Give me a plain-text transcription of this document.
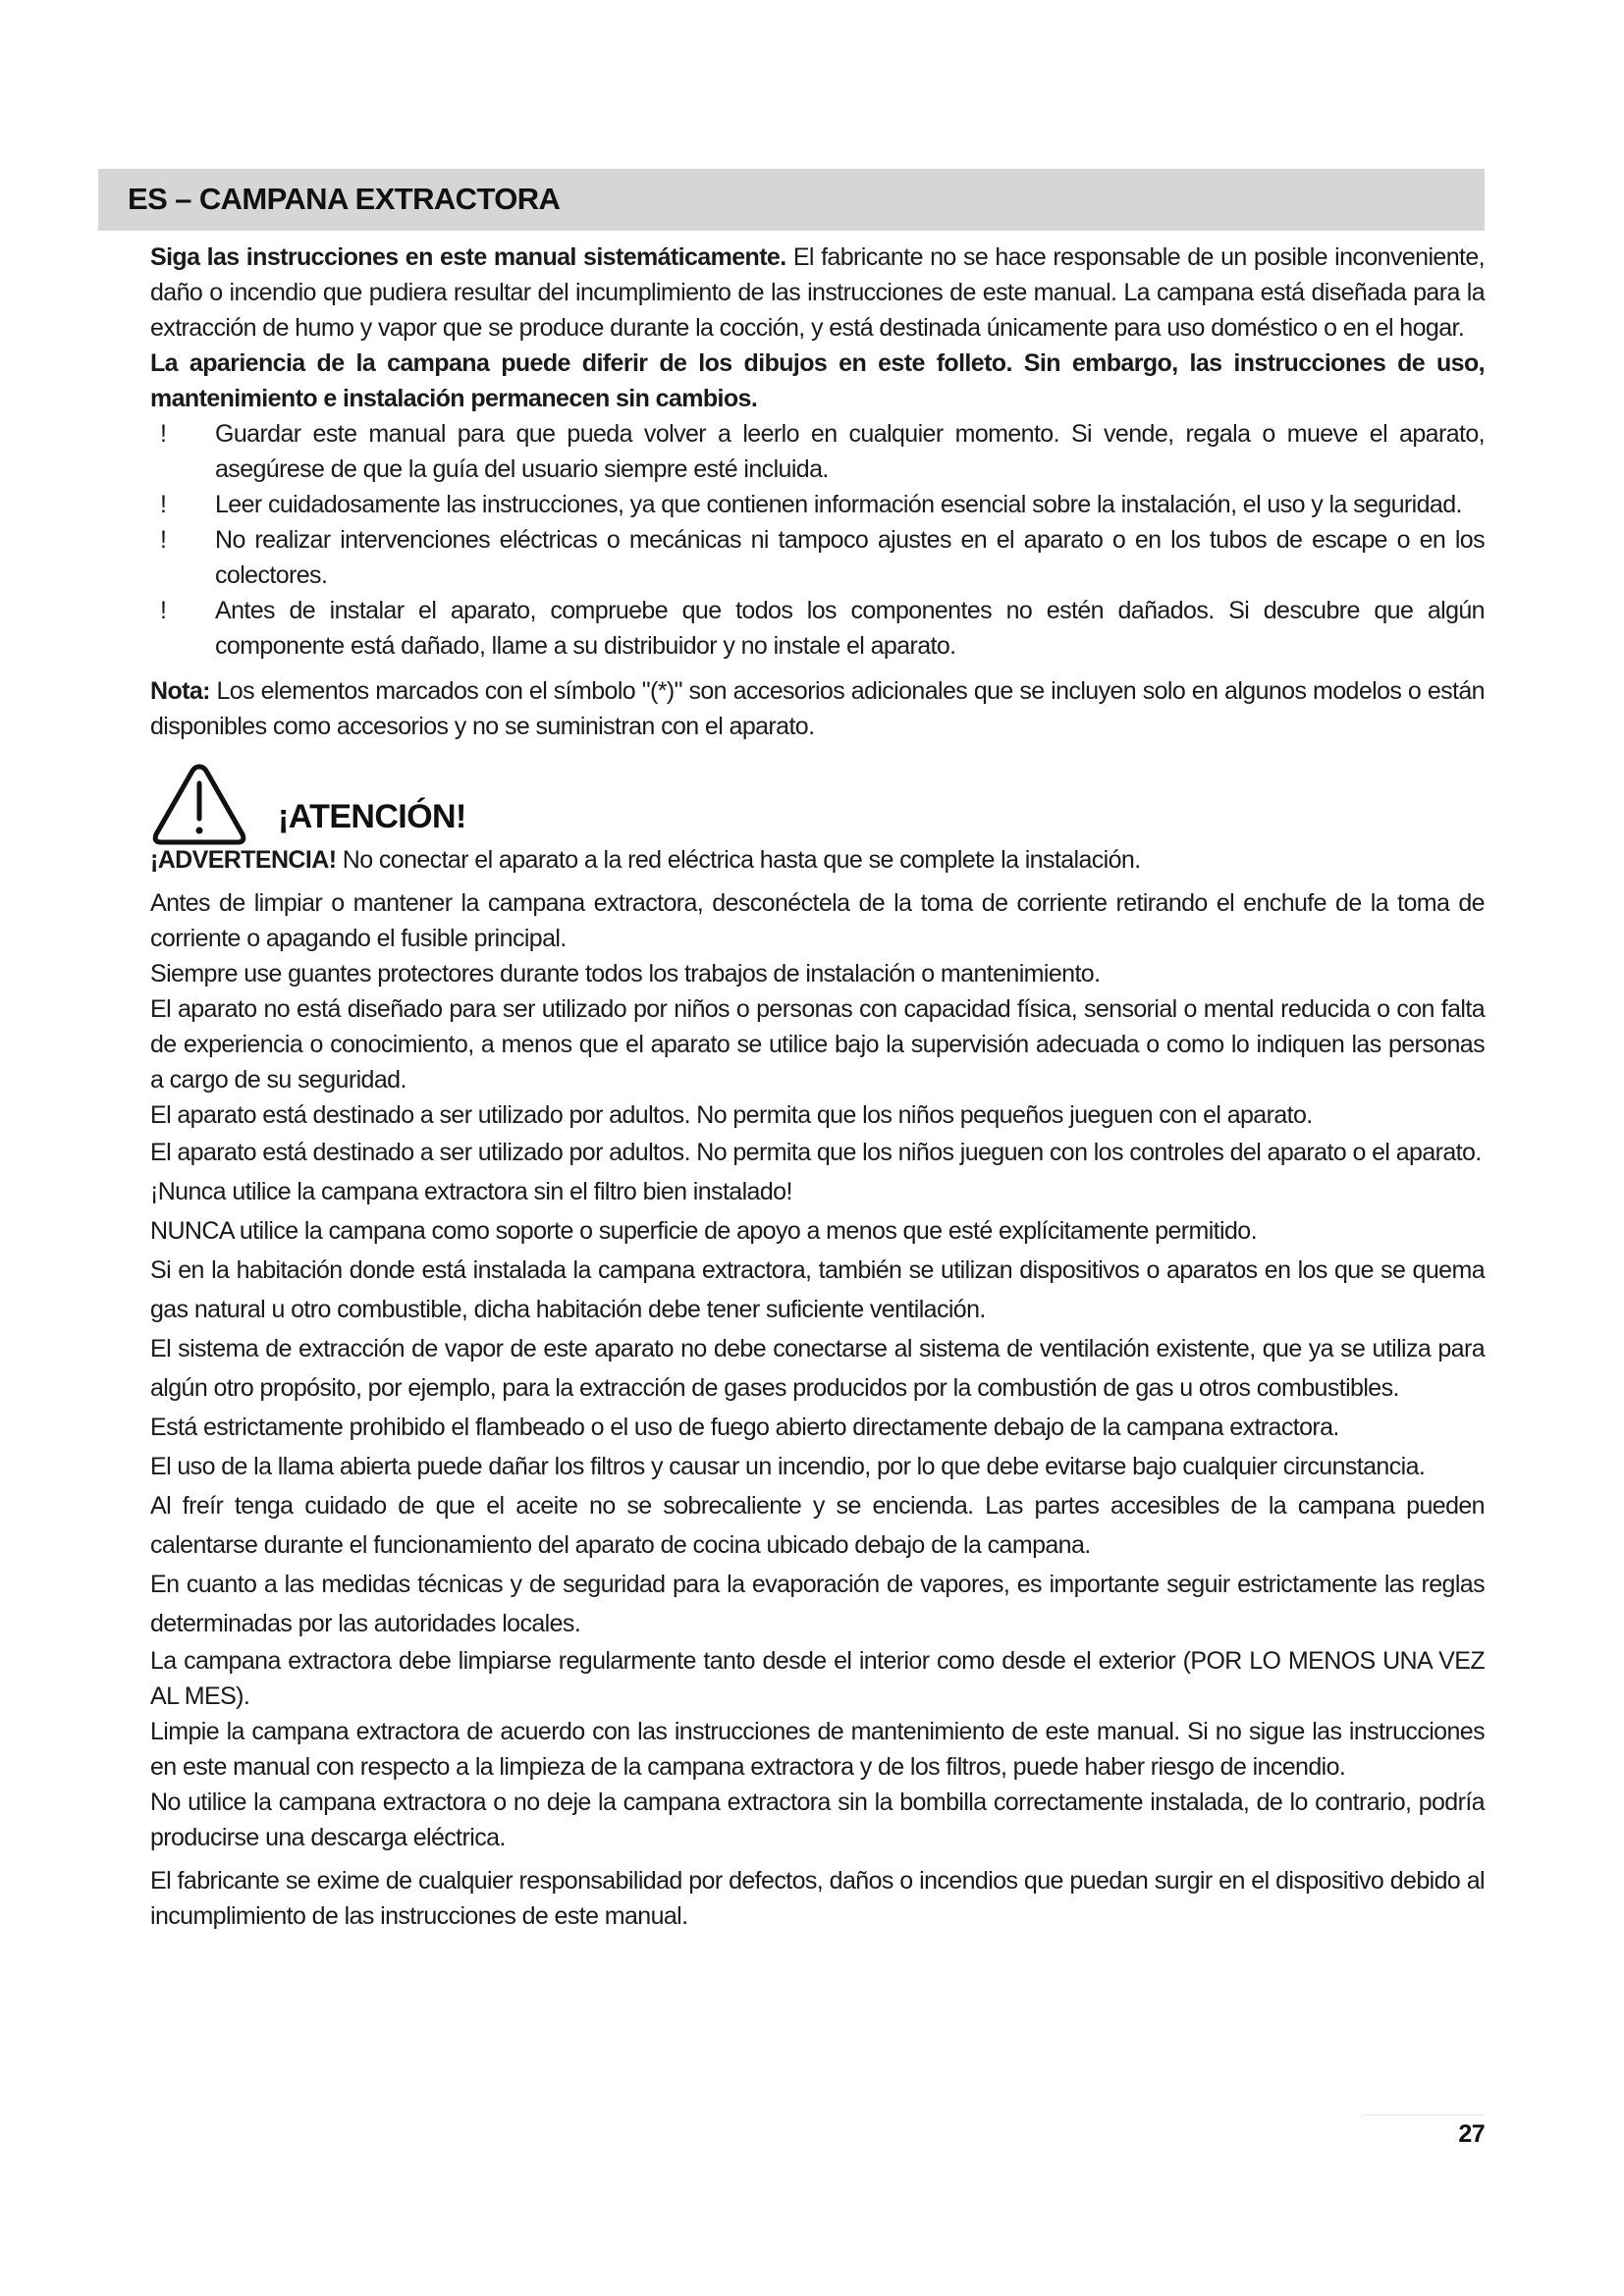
ES – CAMPANA EXTRACTORA

Siga las instrucciones en este manual sistemáticamente. El fabricante no se hace responsable de un posible inconveniente, daño o incendio que pudiera resultar del incumplimiento de las instrucciones de este manual. La campana está diseñada para la extracción de humo y vapor que se produce durante la cocción, y está destinada únicamente para uso doméstico o en el hogar.

La apariencia de la campana puede diferir de los dibujos en este folleto. Sin embargo, las instrucciones de uso, mantenimiento e instalación permanecen sin cambios.

!	Guardar este manual para que pueda volver a leerlo en cualquier momento. Si vende, regala o mueve el aparato, asegúrese de que la guía del usuario siempre esté incluida.
!	Leer cuidadosamente las instrucciones, ya que contienen información esencial sobre la instalación, el uso y la seguridad.
!	No realizar intervenciones eléctricas o mecánicas ni tampoco ajustes en el aparato o en los tubos de escape o en los colectores.
!	Antes de instalar el aparato, compruebe que todos los componentes no estén dañados. Si descubre que algún componente está dañado, llame a su distribuidor y no instale el aparato.

Nota: Los elementos marcados con el símbolo "(*)" son accesorios adicionales que se incluyen solo en algunos modelos o están disponibles como accesorios y no se suministran con el aparato.

¡ATENCIÓN!

¡ADVERTENCIA! No conectar el aparato a la red eléctrica hasta que se complete la instalación.

Antes de limpiar o mantener la campana extractora, desconéctela de la toma de corriente retirando el enchufe de la toma de corriente o apagando el fusible principal.

Siempre use guantes protectores durante todos los trabajos de instalación o mantenimiento.

El aparato no está diseñado para ser utilizado por niños o personas con capacidad física, sensorial o mental reducida o con falta de experiencia o conocimiento, a menos que el aparato se utilice bajo la supervisión adecuada o como lo indiquen las personas a cargo de su seguridad.

El aparato está destinado a ser utilizado por adultos. No permita que los niños pequeños jueguen con el aparato.

El aparato está destinado a ser utilizado por adultos. No permita que los niños jueguen con los controles del aparato o el aparato.

¡Nunca utilice la campana extractora sin el filtro bien instalado!

NUNCA utilice la campana como soporte o superficie de apoyo a menos que esté explícitamente permitido.

Si en la habitación donde está instalada la campana extractora, también se utilizan dispositivos o aparatos en los que se quema gas natural u otro combustible, dicha habitación debe tener suficiente ventilación.

El sistema de extracción de vapor de este aparato no debe conectarse al sistema de ventilación existente, que ya se utiliza para algún otro propósito, por ejemplo, para la extracción de gases producidos por la combustión de gas u otros combustibles.

Está estrictamente prohibido el flambeado o el uso de fuego abierto directamente debajo de la campana extractora.

El uso de la llama abierta puede dañar los filtros y causar un incendio, por lo que debe evitarse bajo cualquier circunstancia.

Al freír tenga cuidado de que el aceite no se sobrecaliente y se encienda. Las partes accesibles de la campana pueden calentarse durante el funcionamiento del aparato de cocina ubicado debajo de la campana.

En cuanto a las medidas técnicas y de seguridad para la evaporación de vapores, es importante seguir estrictamente las reglas determinadas por las autoridades locales.

La campana extractora debe limpiarse regularmente tanto desde el interior como desde el exterior (POR LO MENOS UNA VEZ AL MES).

Limpie la campana extractora de acuerdo con las instrucciones de mantenimiento de este manual. Si no sigue las instrucciones en este manual con respecto a la limpieza de la campana extractora y de los filtros, puede haber riesgo de incendio.

No utilice la campana extractora o no deje la campana extractora sin la bombilla correctamente instalada, de lo contrario, podría producirse una descarga eléctrica.

El fabricante se exime de cualquier responsabilidad por defectos, daños o incendios que puedan surgir en el dispositivo debido al incumplimiento de las instrucciones de este manual.

27
